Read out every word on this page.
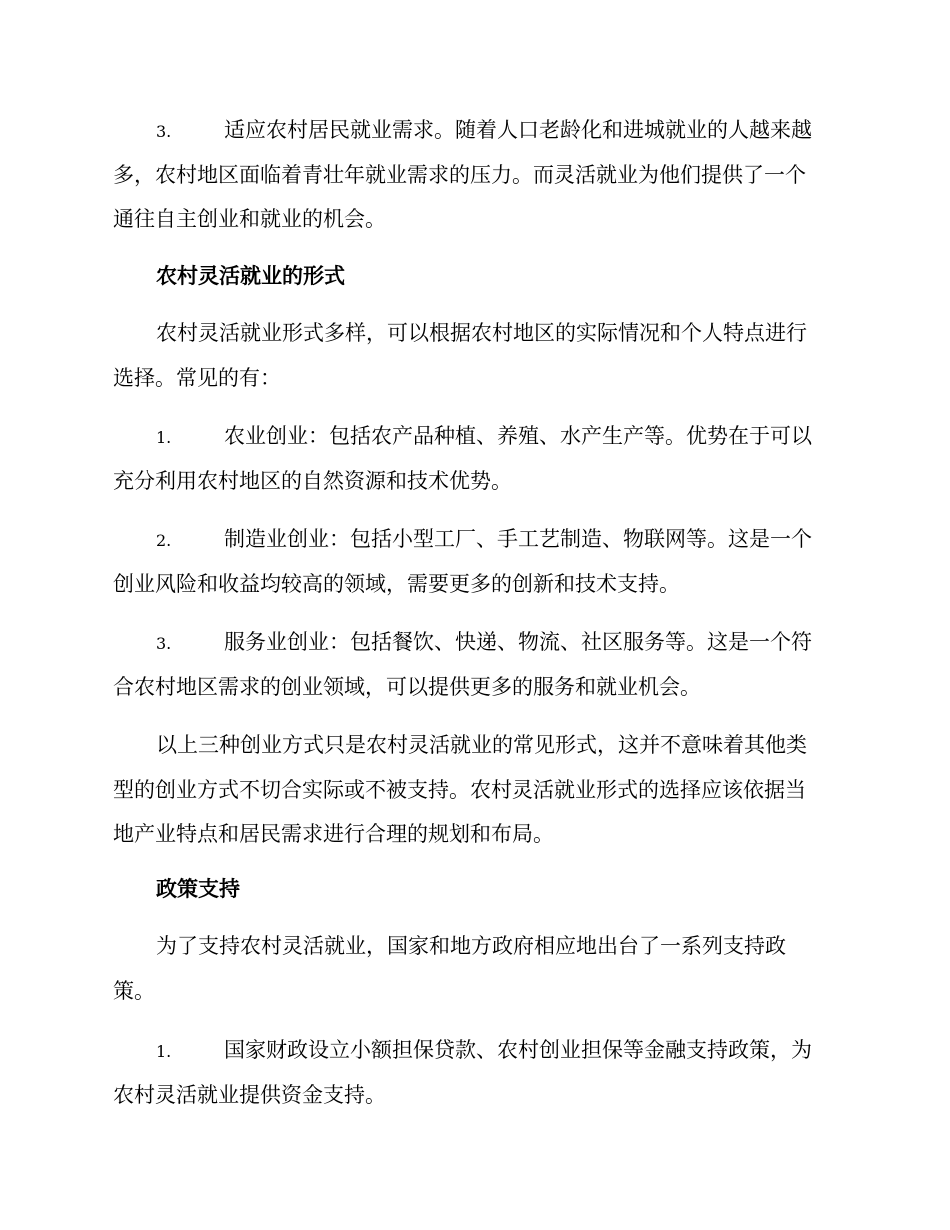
3.	适应农村居民就业需求。随着人口老龄化和进城就业的人越来越
多，农村地区面临着青壮年就业需求的压力。而灵活就业为他们提供了一个
通往自主创业和就业的机会。
农村灵活就业的形式
农村灵活就业形式多样，可以根据农村地区的实际情况和个人特点进行
选择。常见的有：
1.	农业创业：包括农产品种植、养殖、水产生产等。优势在于可以
充分利用农村地区的自然资源和技术优势。
2.	制造业创业：包括小型工厂、手工艺制造、物联网等。这是一个
创业风险和收益均较高的领域，需要更多的创新和技术支持。
3.	服务业创业：包括餐饮、快递、物流、社区服务等。这是一个符
合农村地区需求的创业领域，可以提供更多的服务和就业机会。
以上三种创业方式只是农村灵活就业的常见形式，这并不意味着其他类
型的创业方式不切合实际或不被支持。农村灵活就业形式的选择应该依据当
地产业特点和居民需求进行合理的规划和布局。
政策支持
为了支持农村灵活就业，国家和地方政府相应地出台了一系列支持政
策。
1.	国家财政设立小额担保贷款、农村创业担保等金融支持政策，为
农村灵活就业提供资金支持。
